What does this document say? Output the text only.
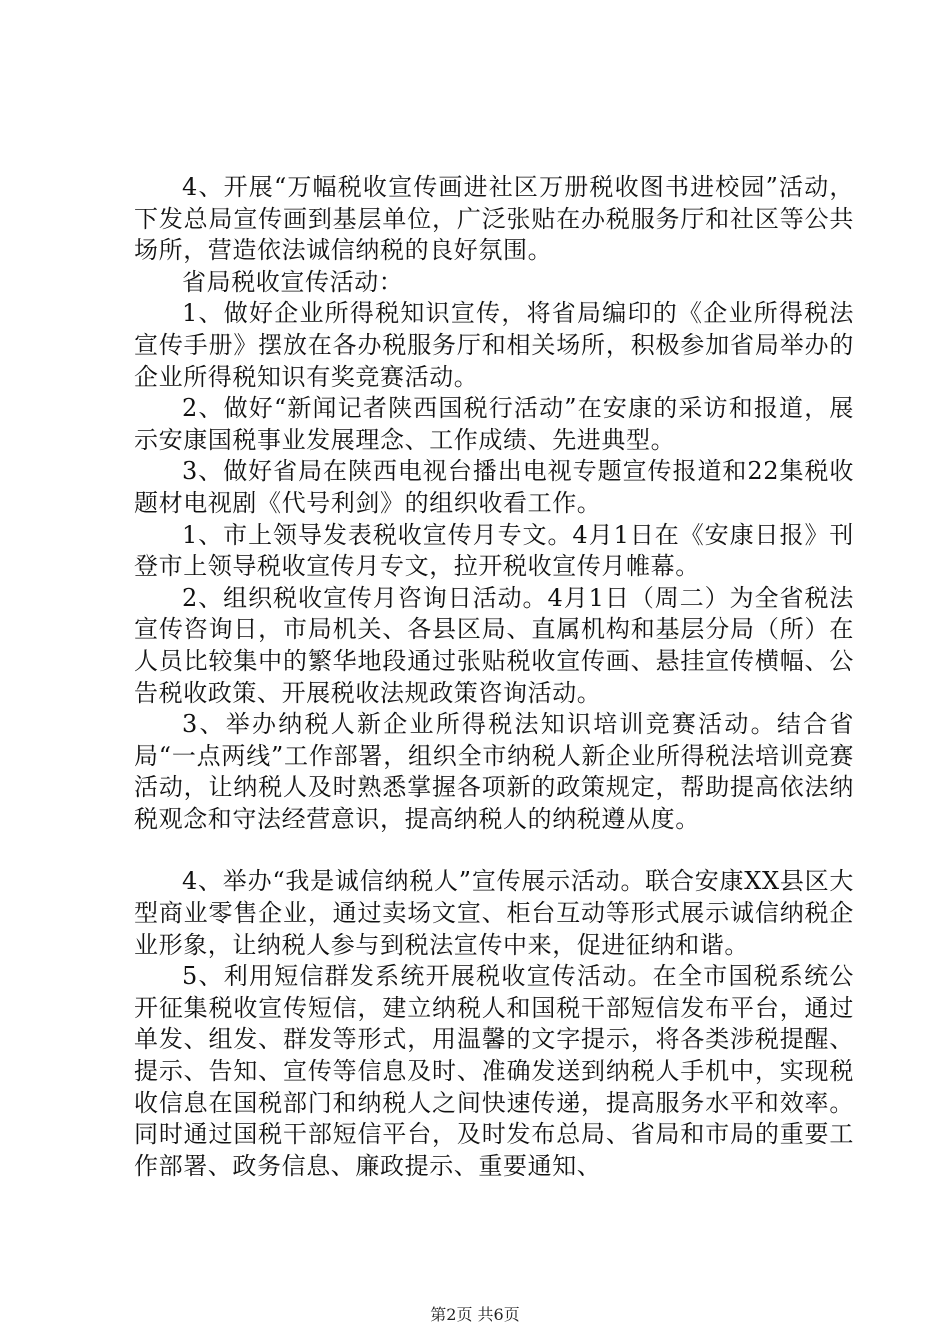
4、开展“万幅税收宣传画进社区万册税收图书进校园”活动，下发总局宣传画到基层单位，广泛张贴在办税服务厅和社区等公共场所，营造依法诚信纳税的良好氛围。

省局税收宣传活动：

1、做好企业所得税知识宣传，将省局编印的《企业所得税法宣传手册》摆放在各办税服务厅和相关场所，积极参加省局举办的企业所得税知识有奖竞赛活动。

2、做好“新闻记者陕西国税行活动”在安康的采访和报道，展示安康国税事业发展理念、工作成绩、先进典型。

3、做好省局在陕西电视台播出电视专题宣传报道和22集税收题材电视剧《代号利剑》的组织收看工作。

1、市上领导发表税收宣传月专文。4月1日在《安康日报》刊登市上领导税收宣传月专文，拉开税收宣传月帷幕。

2、组织税收宣传月咨询日活动。4月1日（周二）为全省税法宣传咨询日，市局机关、各县区局、直属机构和基层分局（所）在人员比较集中的繁华地段通过张贴税收宣传画、悬挂宣传横幅、公告税收政策、开展税收法规政策咨询活动。

3、举办纳税人新企业所得税法知识培训竞赛活动。结合省局“一点两线”工作部署，组织全市纳税人新企业所得税法培训竞赛活动，让纳税人及时熟悉掌握各项新的政策规定，帮助提高依法纳税观念和守法经营意识，提高纳税人的纳税遵从度。

4、举办“我是诚信纳税人”宣传展示活动。联合安康XX县区大型商业零售企业，通过卖场文宣、柜台互动等形式展示诚信纳税企业形象，让纳税人参与到税法宣传中来，促进征纳和谐。

5、利用短信群发系统开展税收宣传活动。在全市国税系统公开征集税收宣传短信，建立纳税人和国税干部短信发布平台，通过单发、组发、群发等形式，用温馨的文字提示，将各类涉税提醒、提示、告知、宣传等信息及时、准确发送到纳税人手机中，实现税收信息在国税部门和纳税人之间快速传递，提高服务水平和效率。同时通过国税干部短信平台，及时发布总局、省局和市局的重要工作部署、政务信息、廉政提示、重要通知、

第2页 共6页
